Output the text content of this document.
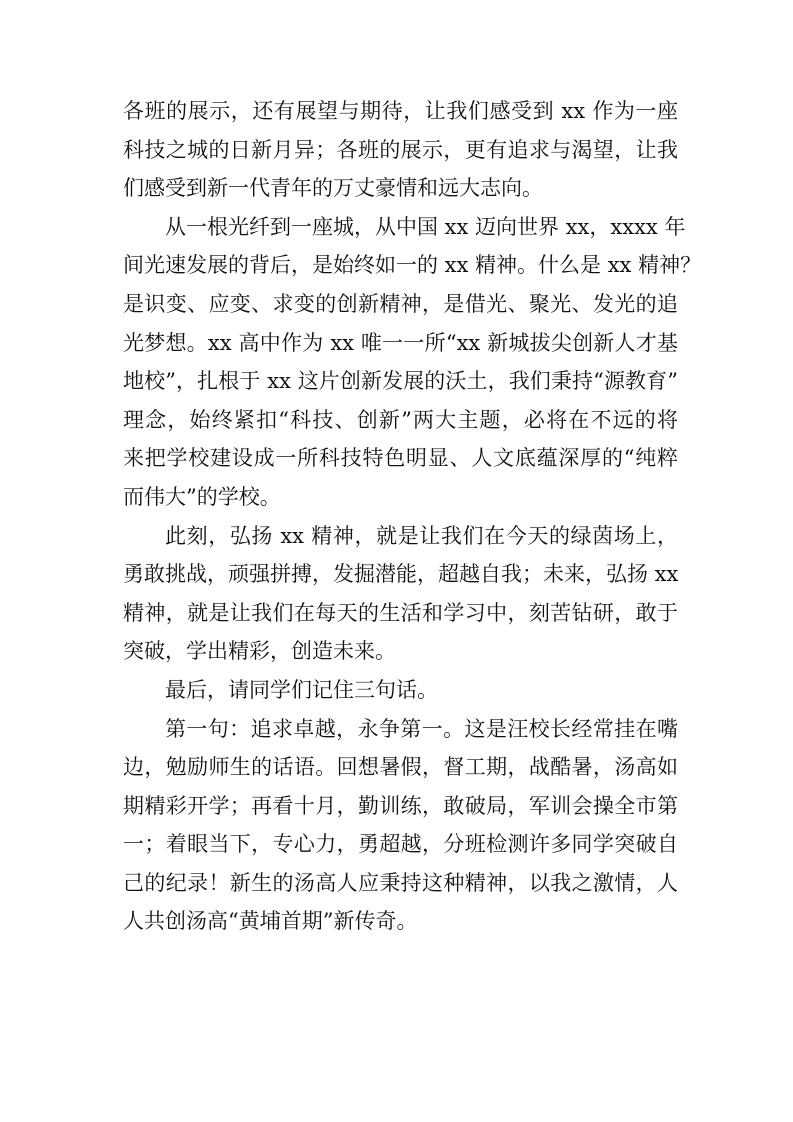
各班的展示，还有展望与期待，让我们感受到 xx 作为一座
科技之城的日新月异；各班的展示，更有追求与渴望，让我
们感受到新一代青年的万丈豪情和远大志向。
从一根光纤到一座城，从中国 xx 迈向世界 xx，xxxx 年
间光速发展的背后，是始终如一的 xx 精神。什么是 xx 精神？
是识变、应变、求变的创新精神，是借光、聚光、发光的追
光梦想。xx 高中作为 xx 唯一一所“xx 新城拔尖创新人才基
地校”，扎根于 xx 这片创新发展的沃土，我们秉持“源教育”
理念，始终紧扣“科技、创新”两大主题，必将在不远的将
来把学校建设成一所科技特色明显、人文底蕴深厚的“纯粹
而伟大”的学校。
此刻，弘扬 xx 精神，就是让我们在今天的绿茵场上，
勇敢挑战，顽强拼搏，发掘潜能，超越自我；未来，弘扬 xx
精神，就是让我们在每天的生活和学习中，刻苦钻研，敢于
突破，学出精彩，创造未来。
最后，请同学们记住三句话。
第一句：追求卓越，永争第一。这是汪校长经常挂在嘴
边，勉励师生的话语。回想暑假，督工期，战酷暑，汤高如
期精彩开学；再看十月，勤训练，敢破局，军训会操全市第
一；着眼当下，专心力，勇超越，分班检测许多同学突破自
己的纪录！新生的汤高人应秉持这种精神，以我之激情，人
人共创汤高“黄埔首期”新传奇。
